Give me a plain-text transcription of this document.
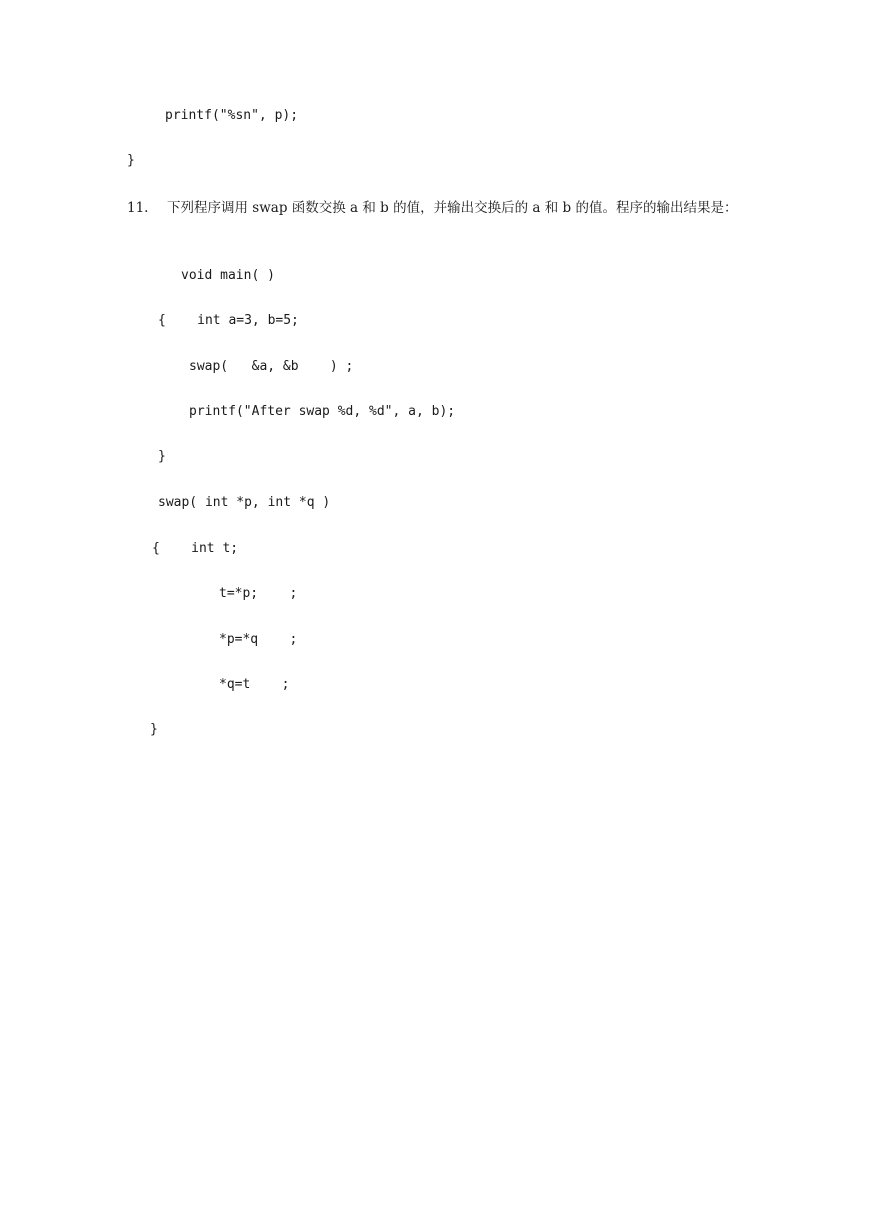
printf("%sn", p);
}
11. 下列程序调用 swap 函数交换 a 和 b 的值，并输出交换后的 a 和 b 的值。程序的输出结果是：
void main( )
{    int a=3, b=5;
swap(   &a, &b    ) ;
printf("After swap %d, %d", a, b);
}
swap( int *p, int *q )
{    int t;
t=*p;    ;
*p=*q    ;
*q=t    ;
}
